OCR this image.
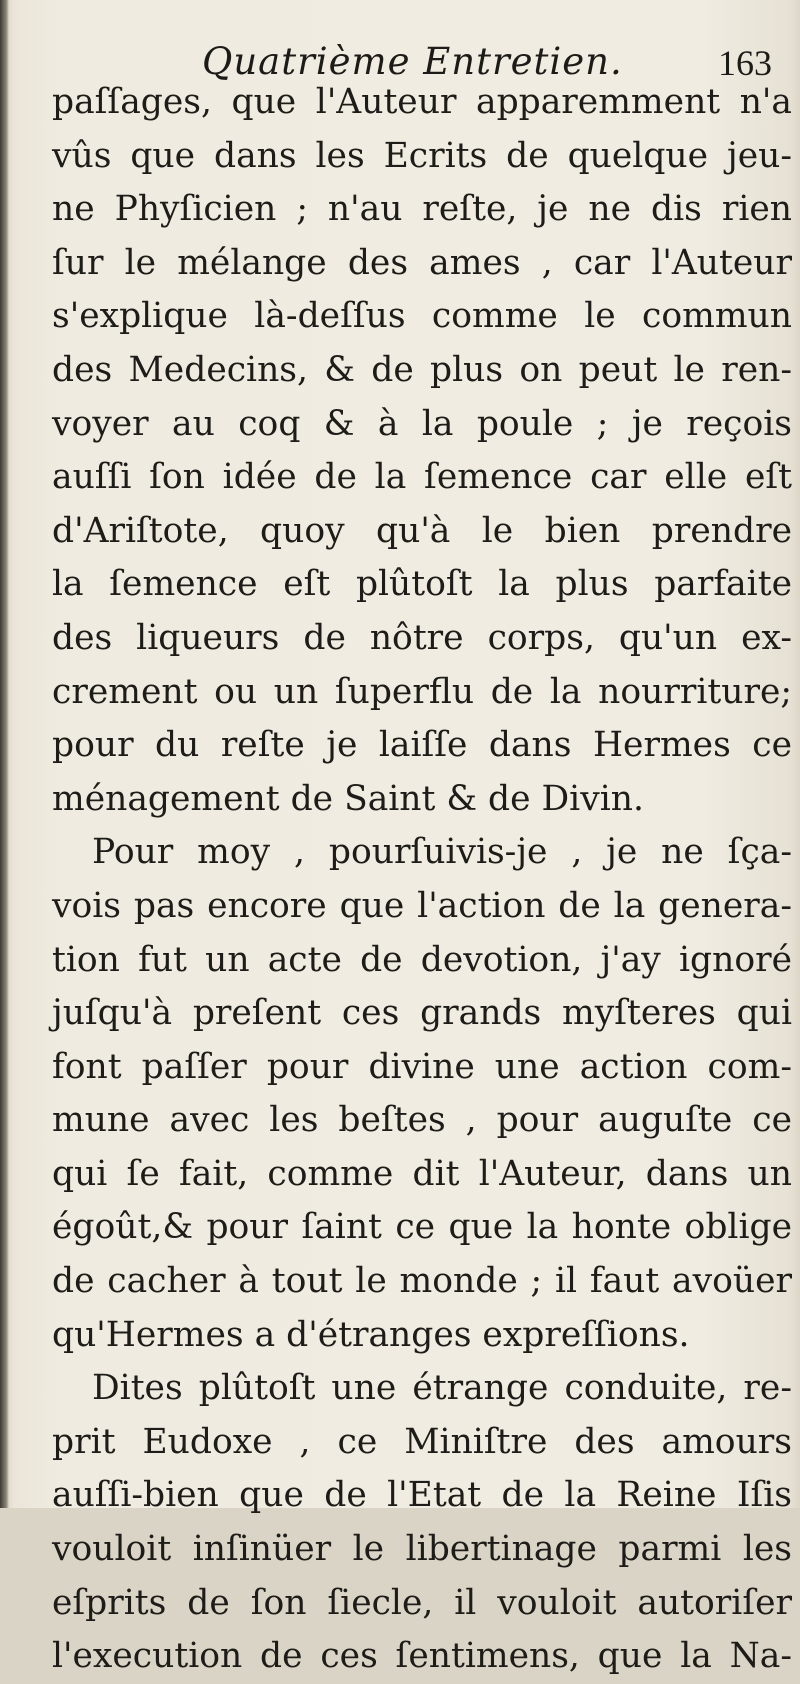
Quatrième Entretien.	163
paſſages, que l'Auteur apparemment n'a
vûs que dans les Ecrits de quelque jeu-
ne Phyſicien ; n'au reſte, je ne dis rien
ſur le mélange des ames , car l'Auteur
s'explique là-deſſus comme le commun
des Medecins, & de plus on peut le ren-
voyer au coq & à la poule ; je reçois
auſſi ſon idée de la ſemence car elle eſt
d'Ariſtote, quoy qu'à le bien prendre
la ſemence eſt plûtoſt la plus parfaite
des liqueurs de nôtre corps, qu'un ex-
crement ou un ſuperflu de la nourriture;
pour du reſte je laiſſe dans Hermes ce
ménagement de Saint & de Divin.
Pour moy , pourſuivis-je , je ne ſça-
vois pas encore que l'action de la genera-
tion fut un acte de devotion, j'ay ignoré
juſqu'à preſent ces grands myſteres qui
font paſſer pour divine une action com-
mune avec les beſtes , pour auguſte ce
qui ſe fait, comme dit l'Auteur, dans un
égoût,& pour ſaint ce que la honte oblige
de cacher à tout le monde ; il faut avoüer
qu'Hermes a d'étranges expreſſions.
Dites plûtoſt une étrange conduite, re-
prit Eudoxe , ce Miniſtre des amours
auſſi-bien que de l'Etat de la Reine Iſis
vouloit inſinüer le libertinage parmi les
eſprits de ſon ſiecle, il vouloit autoriſer
l'execution de ces ſentimens, que la Na-
